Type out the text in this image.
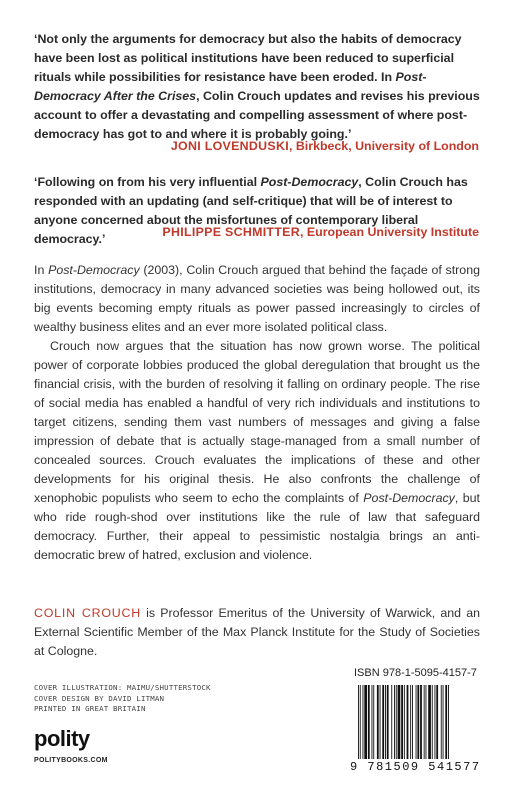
‘Not only the arguments for democracy but also the habits of democracy have been lost as political institutions have been reduced to superficial rituals while possibilities for resistance have been eroded. In Post-Democracy After the Crises, Colin Crouch updates and revises his previous account to offer a devastating and compelling assessment of where post-democracy has got to and where it is probably going.’
JONI LOVENDUSKI, Birkbeck, University of London
‘Following on from his very influential Post-Democracy, Colin Crouch has responded with an updating (and self-critique) that will be of interest to anyone concerned about the misfortunes of contemporary liberal democracy.’	PHILIPPE SCHMITTER, European University Institute

In Post-Democracy (2003), Colin Crouch argued that behind the façade of strong institutions, democracy in many advanced societies was being hollowed out, its big events becoming empty rituals as power passed increasingly to circles of wealthy business elites and an ever more isolated political class.

Crouch now argues that the situation has now grown worse. The political power of corporate lobbies produced the global deregulation that brought us the financial crisis, with the burden of resolving it falling on ordinary people. The rise of social media has enabled a handful of very rich individuals and institutions to target citizens, sending them vast numbers of messages and giving a false impression of debate that is actually stage-managed from a small number of concealed sources. Crouch evaluates the implications of these and other developments for his original thesis. He also confronts the challenge of xenophobic populists who seem to echo the complaints of Post-Democracy, but who ride rough-shod over institutions like the rule of law that safeguard democracy. Further, their appeal to pessimistic nostalgia brings an anti-democratic brew of hatred, exclusion and violence.

COLIN CROUCH is Professor Emeritus of the University of Warwick, and an External Scientific Member of the Max Planck Institute for the Study of Societies at Cologne.

COVER ILLUSTRATION: MAIMU/SHUTTERSTOCK
COVER DESIGN BY DAVID LITMAN
PRINTED IN GREAT BRITAIN
polity
POLITYBOOKS.COM
ISBN 978-1-5095-4157-7
9 781509 541577
